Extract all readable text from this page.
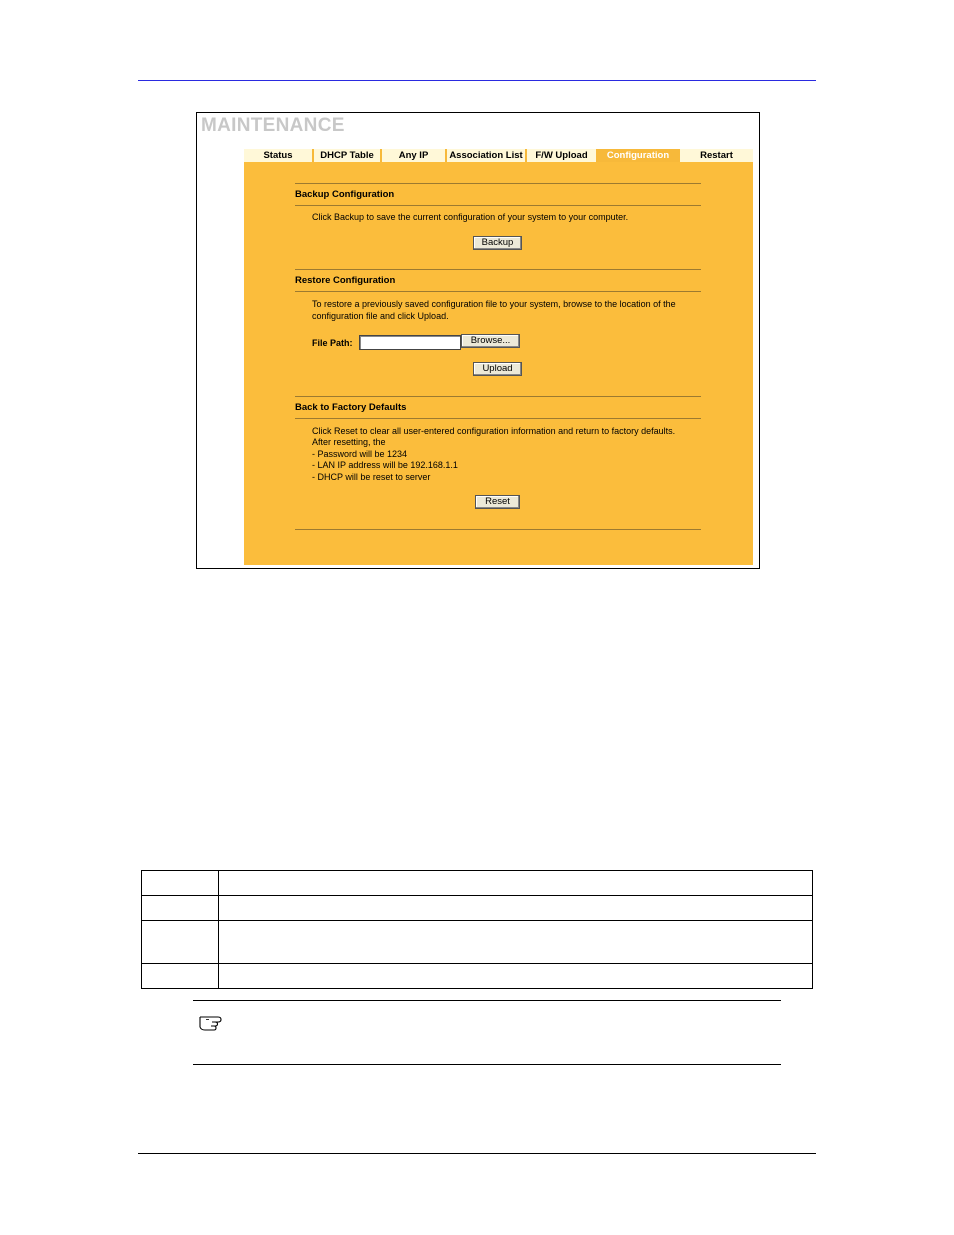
MAINTENANCE
Status	DHCP Table	Any IP	Association List	F/W Upload	Configuration	Restart
Backup Configuration
Click Backup to save the current configuration of your system to your computer.
Backup
Restore Configuration
To restore a previously saved configuration file to your system, browse to the location of the
configuration file and click Upload.
File Path:	Browse...
Upload
Back to Factory Defaults
Click Reset to clear all user-entered configuration information and return to factory defaults.
After resetting, the
- Password will be 1234
- LAN IP address will be 192.168.1.1
- DHCP will be reset to server
Reset
